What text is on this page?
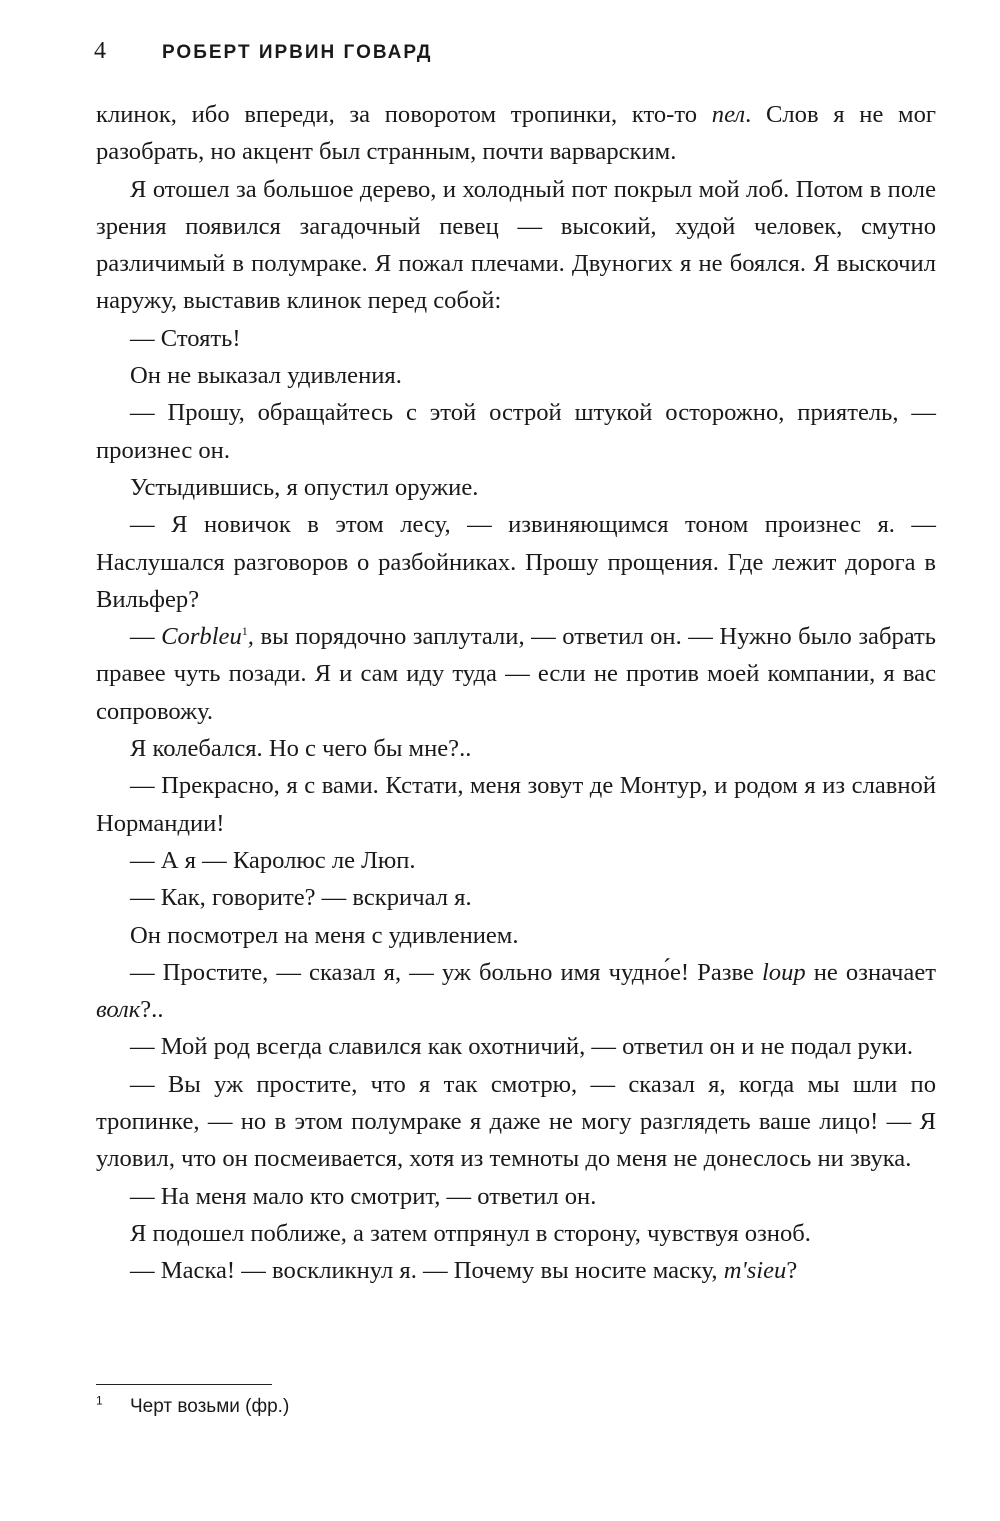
4	РОБЕРТ ИРВИН ГОВАРД

клинок, ибо впереди, за поворотом тропинки, кто-то пел. Слов я не мог разобрать, но акцент был странным, почти варварским.

Я отошел за большое дерево, и холодный пот покрыл мой лоб. Потом в поле зрения появился загадочный певец — высокий, худой человек, смутно различимый в полумраке. Я пожал плечами. Двуногих я не боялся. Я выскочил наружу, выставив клинок перед собой:

— Стоять!

Он не выказал удивления.

— Прошу, обращайтесь с этой острой штукой осторожно, приятель, — произнес он.

Устыдившись, я опустил оружие.

— Я новичок в этом лесу, — извиняющимся тоном произнес я. — Наслушался разговоров о разбойниках. Прошу прощения. Где лежит дорога в Вильфер?

— Corbleu$^1$, вы порядочно заплутали, — ответил он. — Нужно было забрать правее чуть позади. Я и сам иду туда — если не против моей компании, я вас сопровожу.

Я колебался. Но с чего бы мне?..

— Прекрасно, я с вами. Кстати, меня зовут де Монтур, и родом я из славной Нормандии!

— А я — Каролюс ле Люп.

— Как, говорите? — вскричал я.

Он посмотрел на меня с удивлением.

— Простите, — сказал я, — уж больно имя чудно́е! Разве loup не означает волк?..

— Мой род всегда славился как охотничий, — ответил он и не подал руки.

— Вы уж простите, что я так смотрю, — сказал я, когда мы шли по тропинке, — но в этом полумраке я даже не могу разглядеть ваше лицо! — Я уловил, что он посмеивается, хотя из темноты до меня не донеслось ни звука.

— На меня мало кто смотрит, — ответил он.

Я подошел поближе, а затем отпрянул в сторону, чувствуя озноб.

— Маска! — воскликнул я. — Почему вы носите маску, m'sieu?

$^1$ Черт возьми (фр.)
